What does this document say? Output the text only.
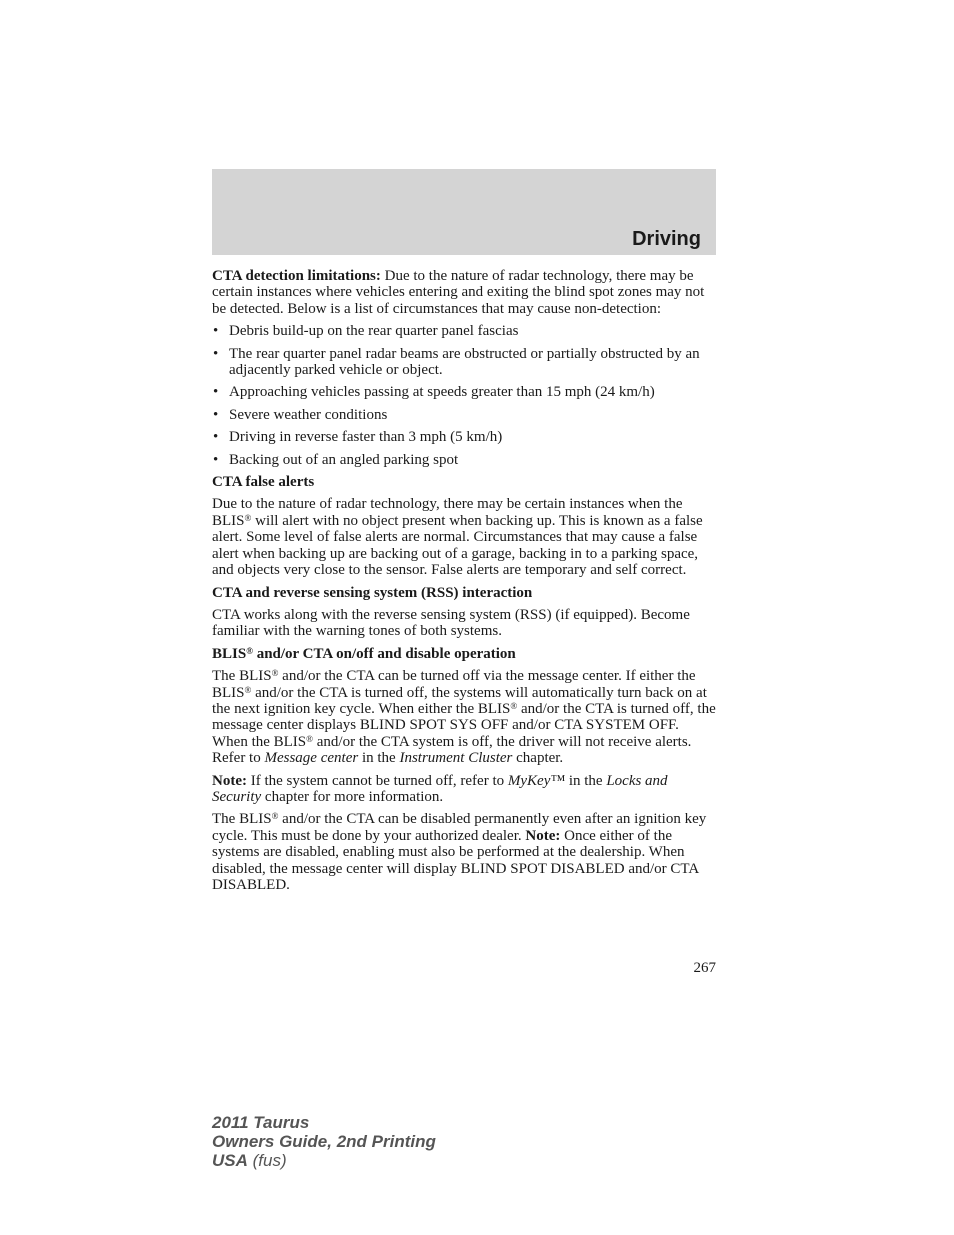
Driving

CTA detection limitations: Due to the nature of radar technology, there may be certain instances where vehicles entering and exiting the blind spot zones may not be detected. Below is a list of circumstances that may cause non-detection:

• Debris build-up on the rear quarter panel fascias
• The rear quarter panel radar beams are obstructed or partially obstructed by an adjacently parked vehicle or object.
• Approaching vehicles passing at speeds greater than 15 mph (24 km/h)
• Severe weather conditions
• Driving in reverse faster than 3 mph (5 km/h)
• Backing out of an angled parking spot
CTA false alerts

Due to the nature of radar technology, there may be certain instances when the BLIS® will alert with no object present when backing up. This is known as a false alert. Some level of false alerts are normal. Circumstances that may cause a false alert when backing up are backing out of a garage, backing in to a parking space, and objects very close to the sensor. False alerts are temporary and self correct.

CTA and reverse sensing system (RSS) interaction

CTA works along with the reverse sensing system (RSS) (if equipped). Become familiar with the warning tones of both systems.

BLIS® and/or CTA on/off and disable operation

The BLIS® and/or the CTA can be turned off via the message center. If either the BLIS® and/or the CTA is turned off, the systems will automatically turn back on at the next ignition key cycle. When either the BLIS® and/or the CTA is turned off, the message center displays BLIND SPOT SYS OFF and/or CTA SYSTEM OFF. When the BLIS® and/or the CTA system is off, the driver will not receive alerts. Refer to Message center in the Instrument Cluster chapter.

Note: If the system cannot be turned off, refer to MyKey™ in the Locks and Security chapter for more information.

The BLIS® and/or the CTA can be disabled permanently even after an ignition key cycle. This must be done by your authorized dealer. Note: Once either of the systems are disabled, enabling must also be performed at the dealership. When disabled, the message center will display BLIND SPOT DISABLED and/or CTA DISABLED.

267
2011 Taurus
Owners Guide, 2nd Printing
USA (fus)
